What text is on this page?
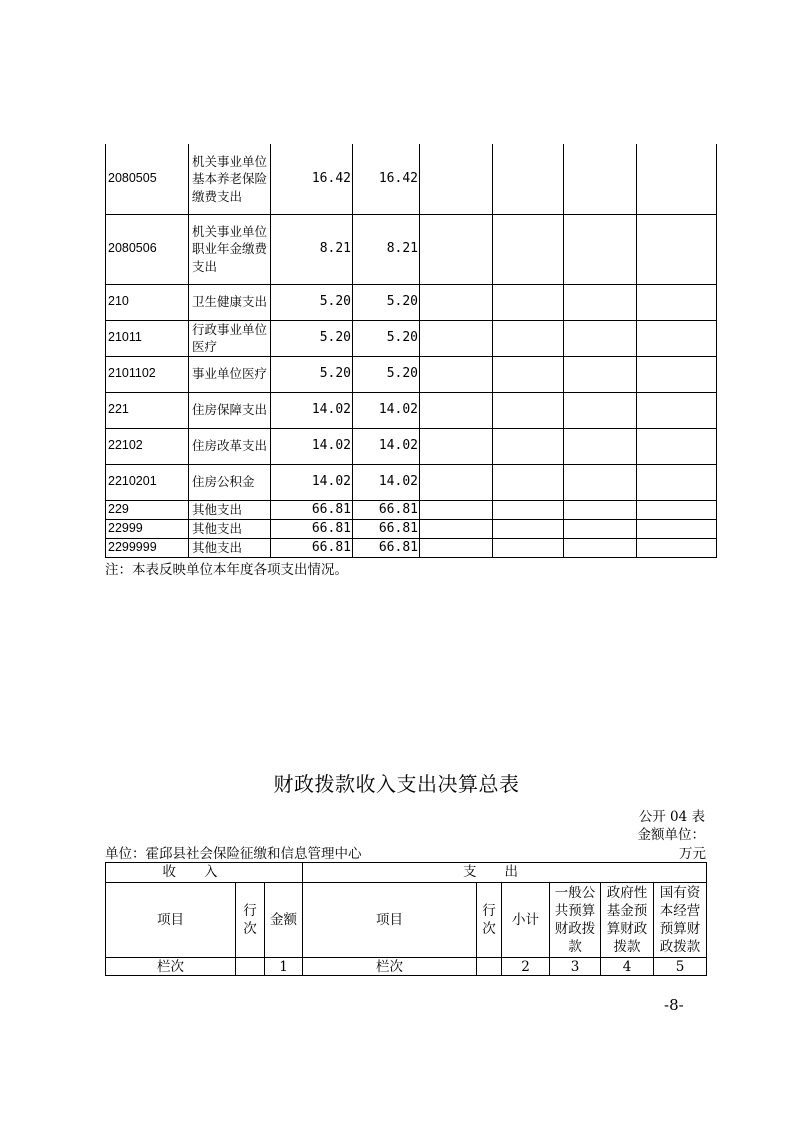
2080505	机关事业单位基本养老保险缴费支出	16.42	16.42				
2080506	机关事业单位职业年金缴费支出	8.21	8.21				
210	卫生健康支出	5.20	5.20				
21011	行政事业单位医疗	5.20	5.20				
2101102	事业单位医疗	5.20	5.20				
221	住房保障支出	14.02	14.02				
22102	住房改革支出	14.02	14.02				
2210201	住房公积金	14.02	14.02				
229	其他支出	66.81	66.81				
22999	其他支出	66.81	66.81				
2299999	其他支出	66.81	66.81				
注：本表反映单位本年度各项支出情况。
财政拨款收入支出决算总表
公开 04 表
金额单位：
单位：霍邱县社会保险征缴和信息管理中心	万元
收入			支出					
项目	行次	金额	项目	行次	小计	一般公共预算财政拨款	政府性基金预算财政拨款	国有资本经营预算财政拨款
栏次		1	栏次		2	3	4	5
-8-
